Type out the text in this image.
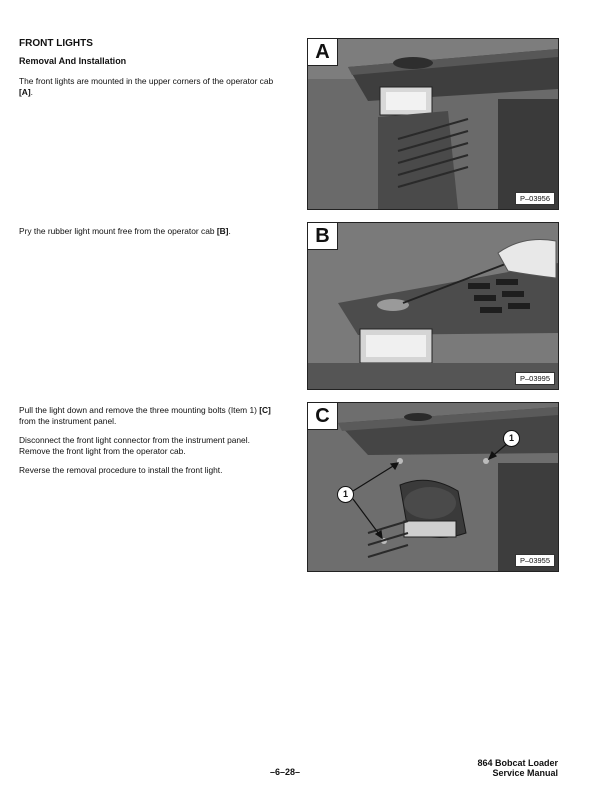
FRONT LIGHTS
Removal And Installation

The front lights are mounted in the upper corners of the operator cab [A].

Pry the rubber light mount free from the operator cab [B].

Pull the light down and remove the three mounting bolts (Item 1) [C] from the instrument panel.

Disconnect the front light connector from the instrument panel. Remove the front light from the operator cab.

Reverse the removal procedure to install the front light.

A
P–03956
B
P–03995
C
1
1
P–03955
–6–28–
864 Bobcat Loader
Service Manual
